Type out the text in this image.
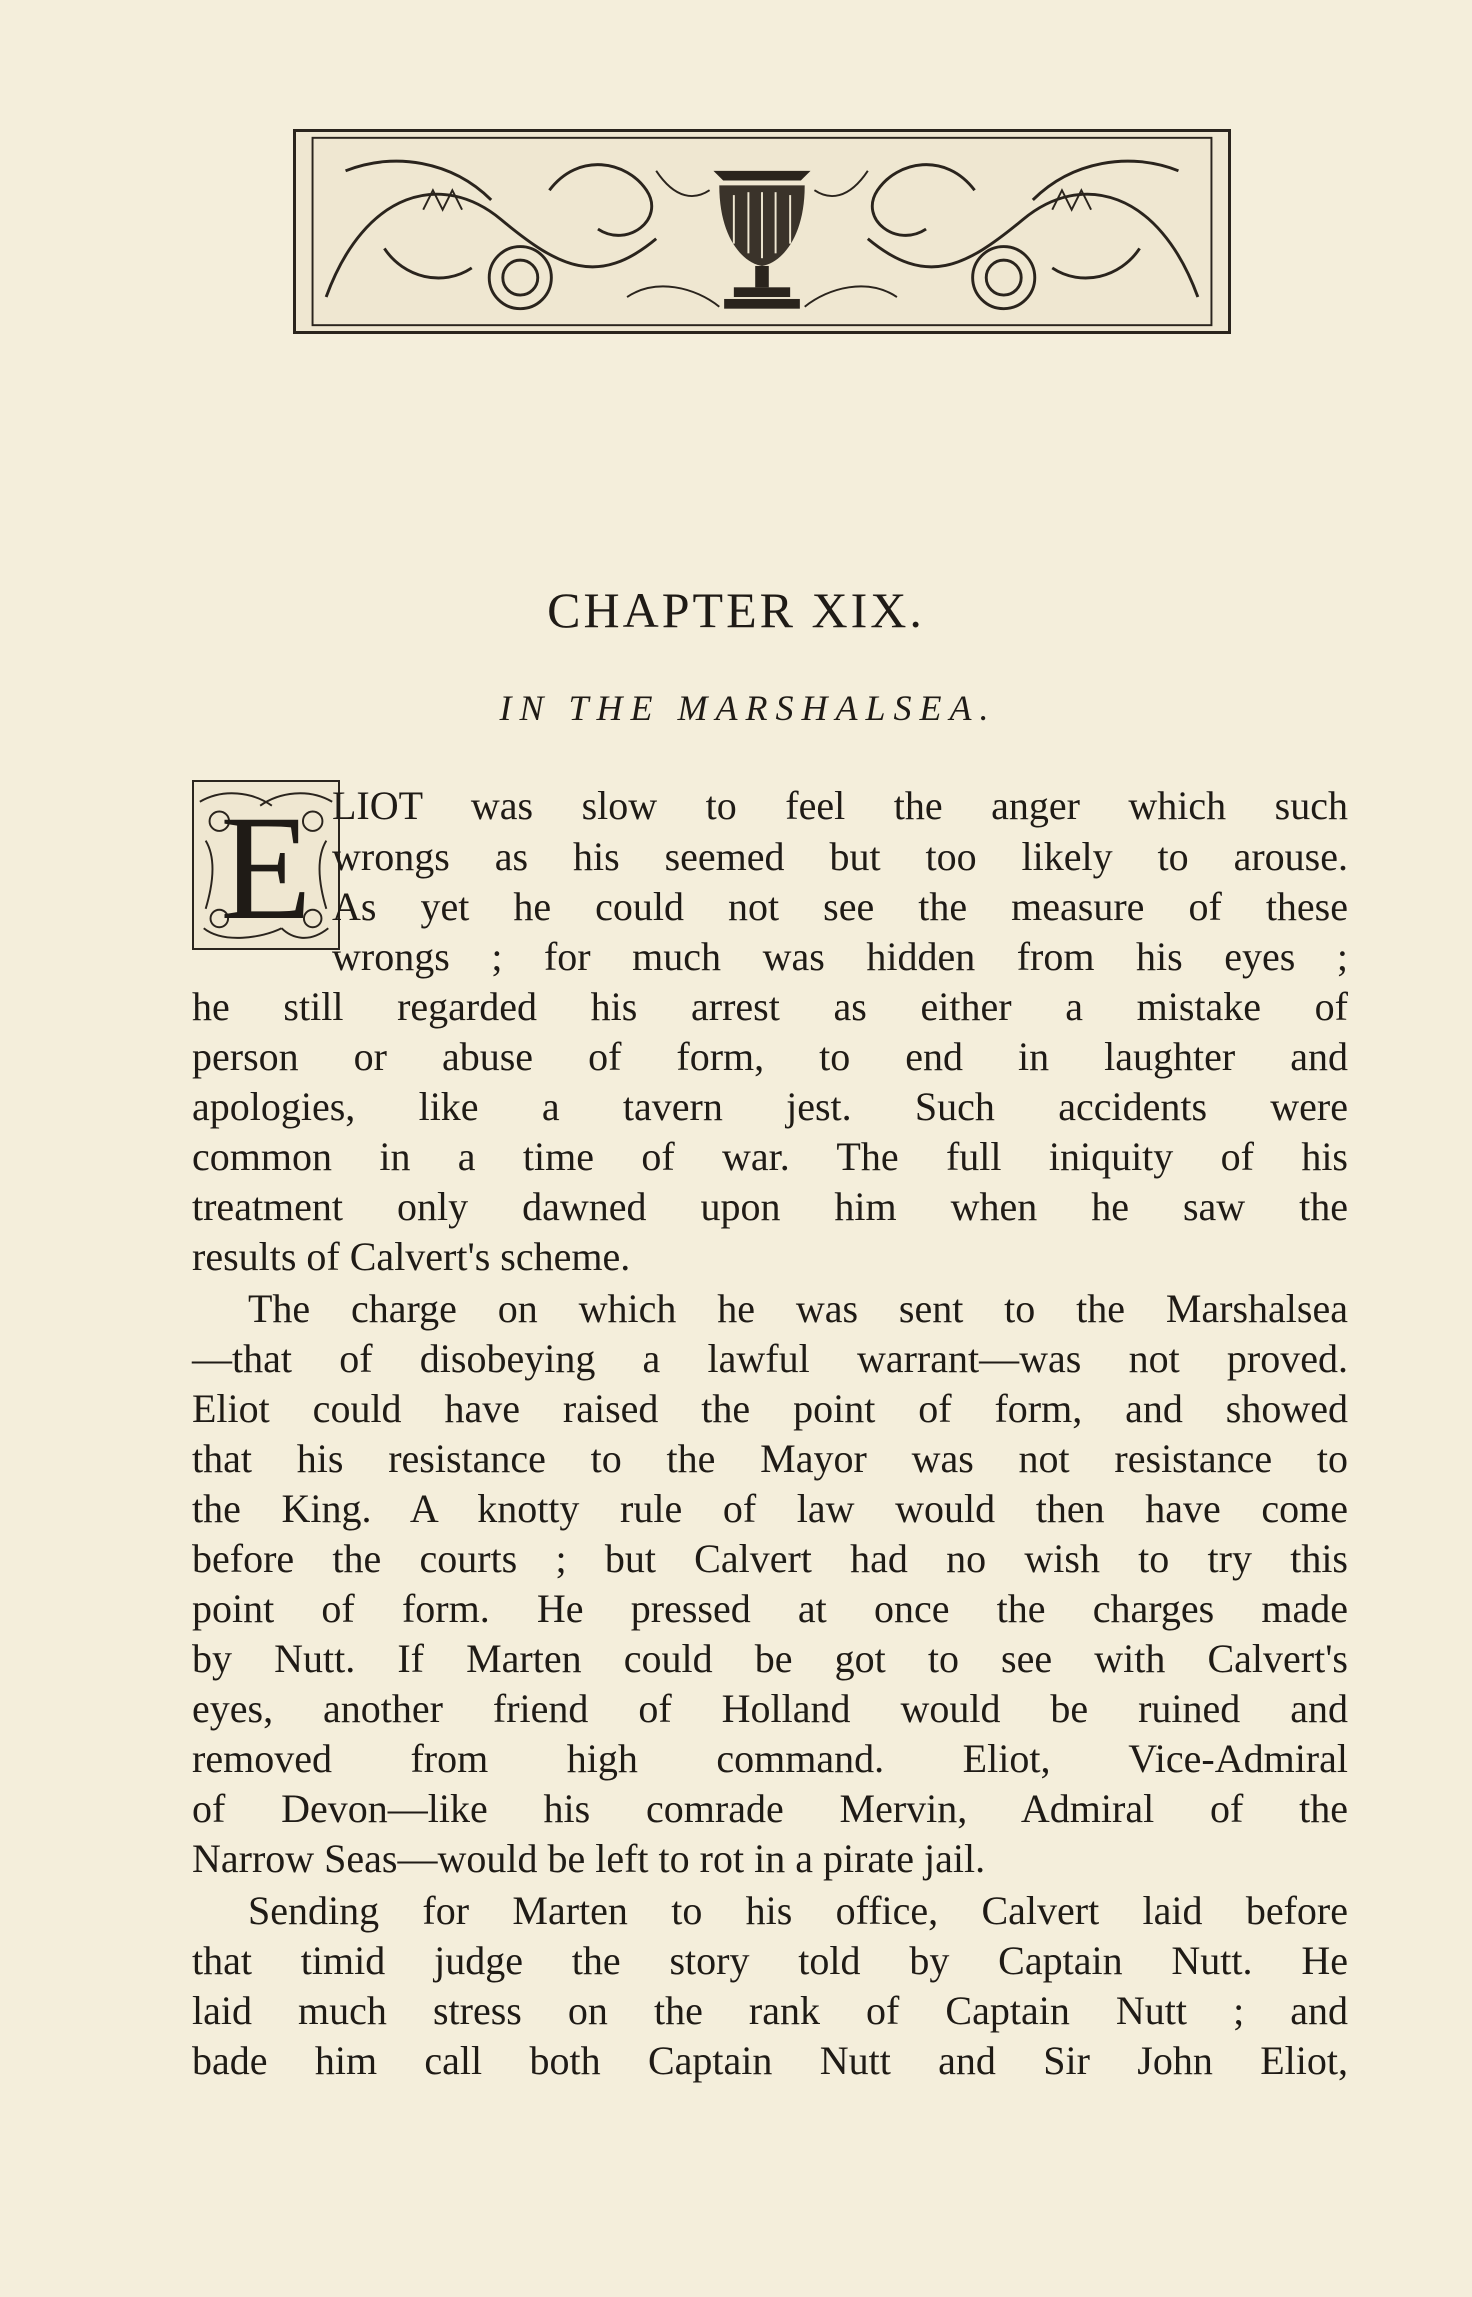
CHAPTER XIX.
IN THE MARSHALSEA.
E LIOT was slow to feel the anger which such
wrongs as his seemed but too likely to arouse.
As yet he could not see the measure of these
wrongs ; for much was hidden from his eyes ;
he still regarded his arrest as either a mistake of
person or abuse of form, to end in laughter and
apologies, like a tavern jest. Such accidents were
common in a time of war. The full iniquity of his
treatment only dawned upon him when he saw the
results of Calvert's scheme.
The charge on which he was sent to the Marshalsea
—that of disobeying a lawful warrant—was not proved.
Eliot could have raised the point of form, and showed
that his resistance to the Mayor was not resistance to
the King. A knotty rule of law would then have come
before the courts ; but Calvert had no wish to try this
point of form. He pressed at once the charges made
by Nutt. If Marten could be got to see with Calvert's
eyes, another friend of Holland would be ruined and
removed from high command. Eliot, Vice-Admiral
of Devon—like his comrade Mervin, Admiral of the
Narrow Seas—would be left to rot in a pirate jail.
Sending for Marten to his office, Calvert laid before
that timid judge the story told by Captain Nutt. He
laid much stress on the rank of Captain Nutt ; and
bade him call both Captain Nutt and Sir John Eliot,
